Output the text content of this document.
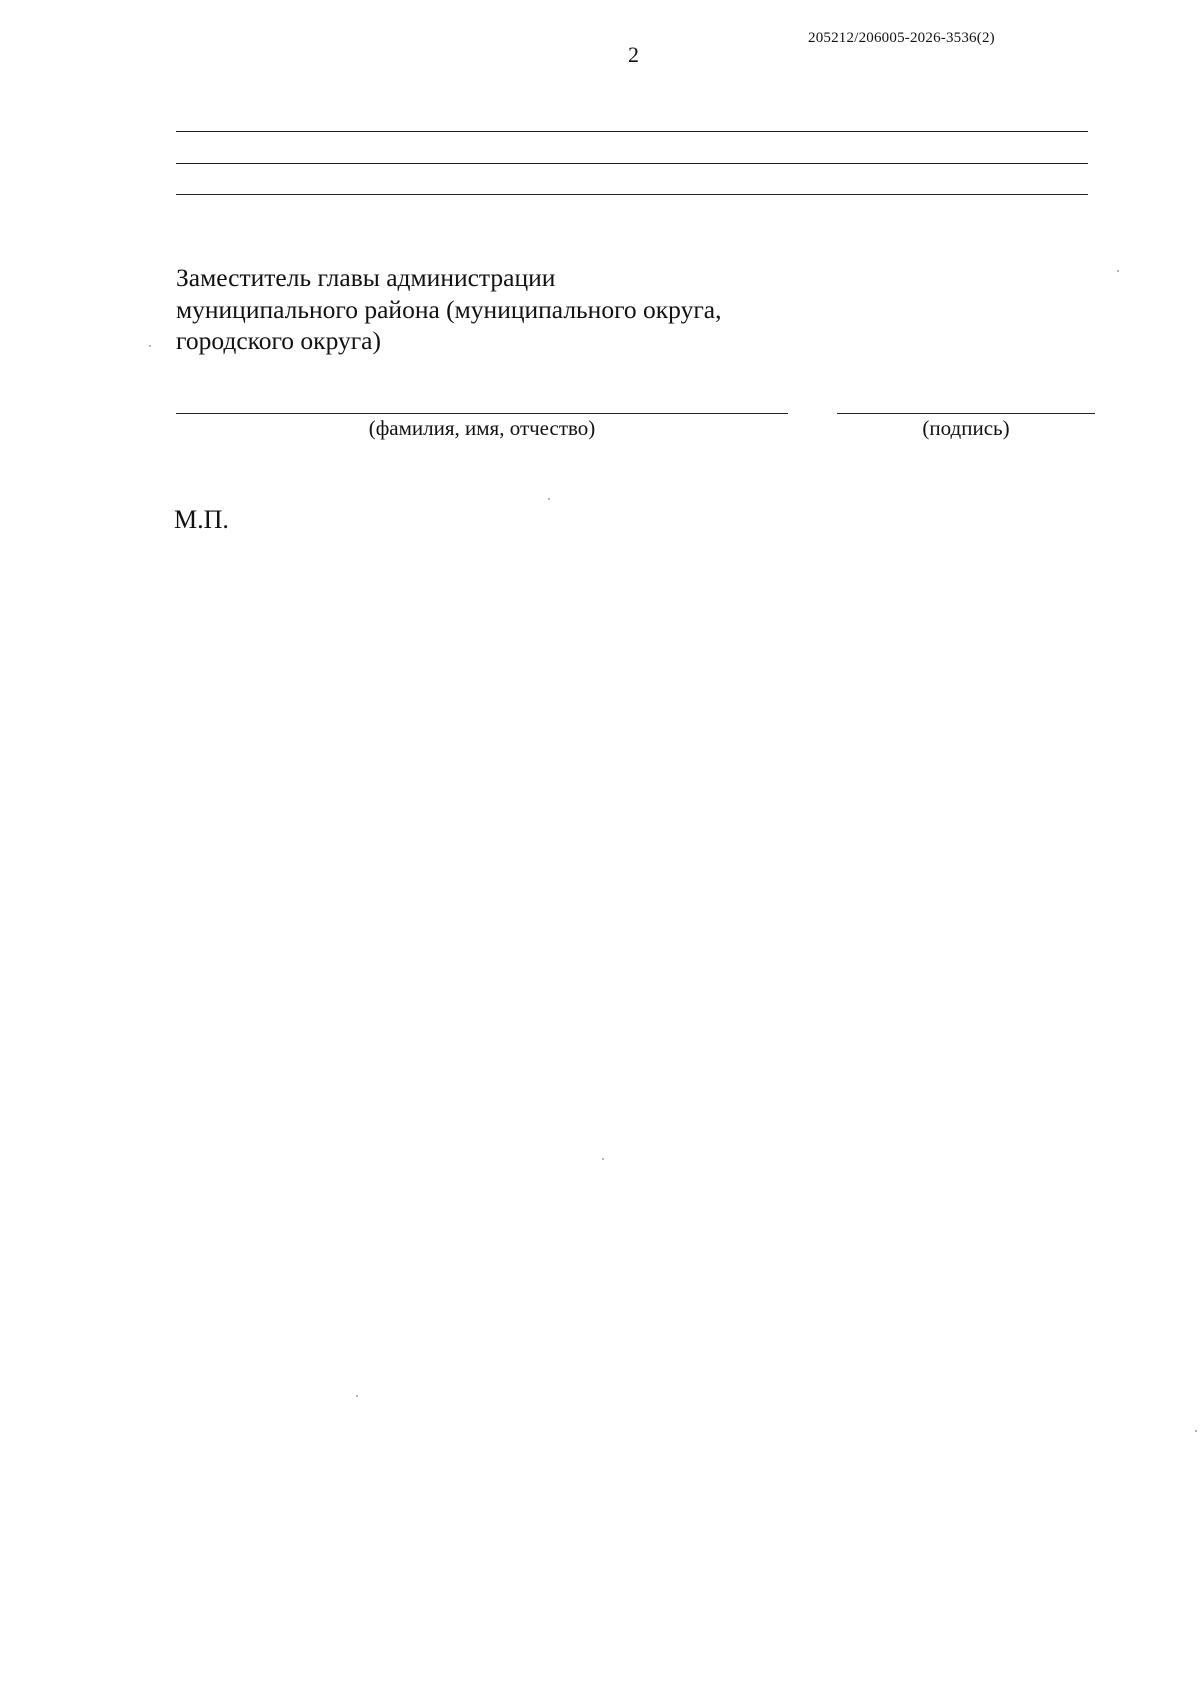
205212/206005-2026-3536(2)
2
Заместитель главы администрации
муниципального района (муниципального округа,
городского округа)
(фамилия, имя, отчество)	(подпись)
М.П.
